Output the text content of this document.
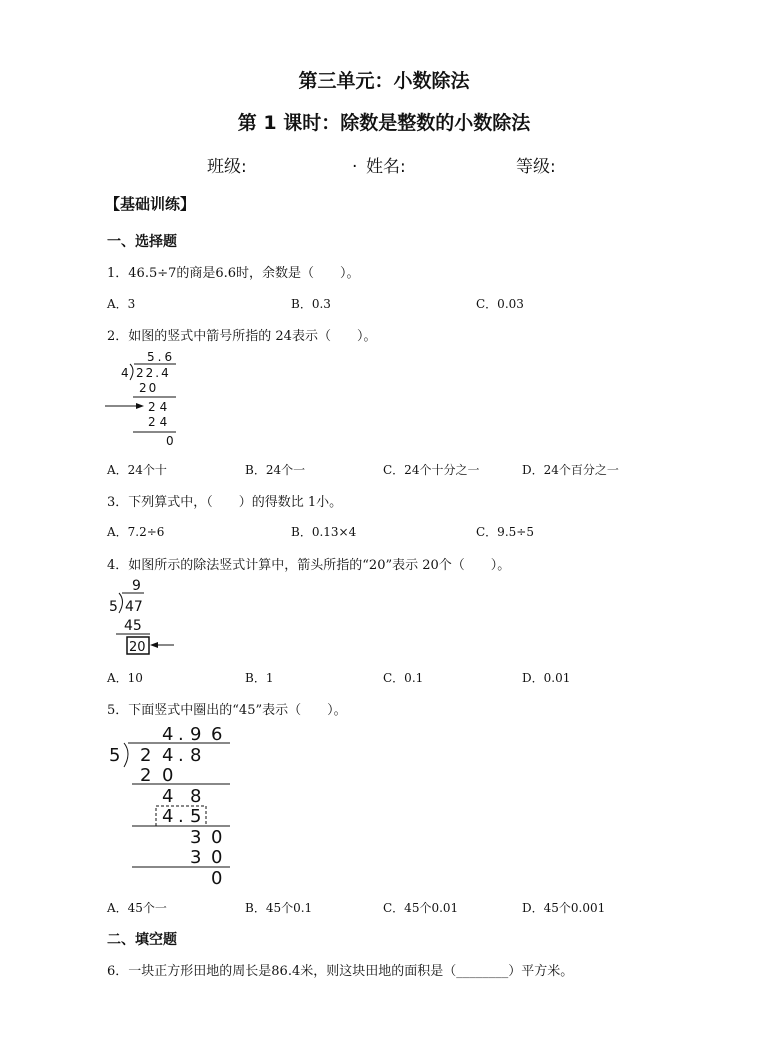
第三单元：小数除法
第 1 课时：除数是整数的小数除法
班级:	. 姓名:	等级:
【基础训练】
一、选择题
1．46.5÷7的商是6.6时，余数是（　　）。
A．3	B．0.3	C．0.03
2．如图的竖式中箭号所指的 24表示（　　）。
5.6
4 22.4
20
24
24
0
A．24个十	B．24个一	C．24个十分之一	D．24个百分之一
3．下列算式中，（　　）的得数比 1小。
A．7.2÷6	B．0.13×4	C．9.5÷5
4．如图所示的除法竖式计算中，箭头所指的“20”表示 20个（　　）。
9
5 47
45
20
A．10	B．1	C．0.1	D．0.01
5．下面竖式中圈出的“45”表示（　　）。
4 . 9 6
5 2 4 . 8
2 0
4 8
4 . 5
3 0
3 0
0
A．45个一	B．45个0.1	C．45个0.01	D．45个0.001
二、填空题
6．一块正方形田地的周长是86.4米，则这块田地的面积是（________）平方米。
